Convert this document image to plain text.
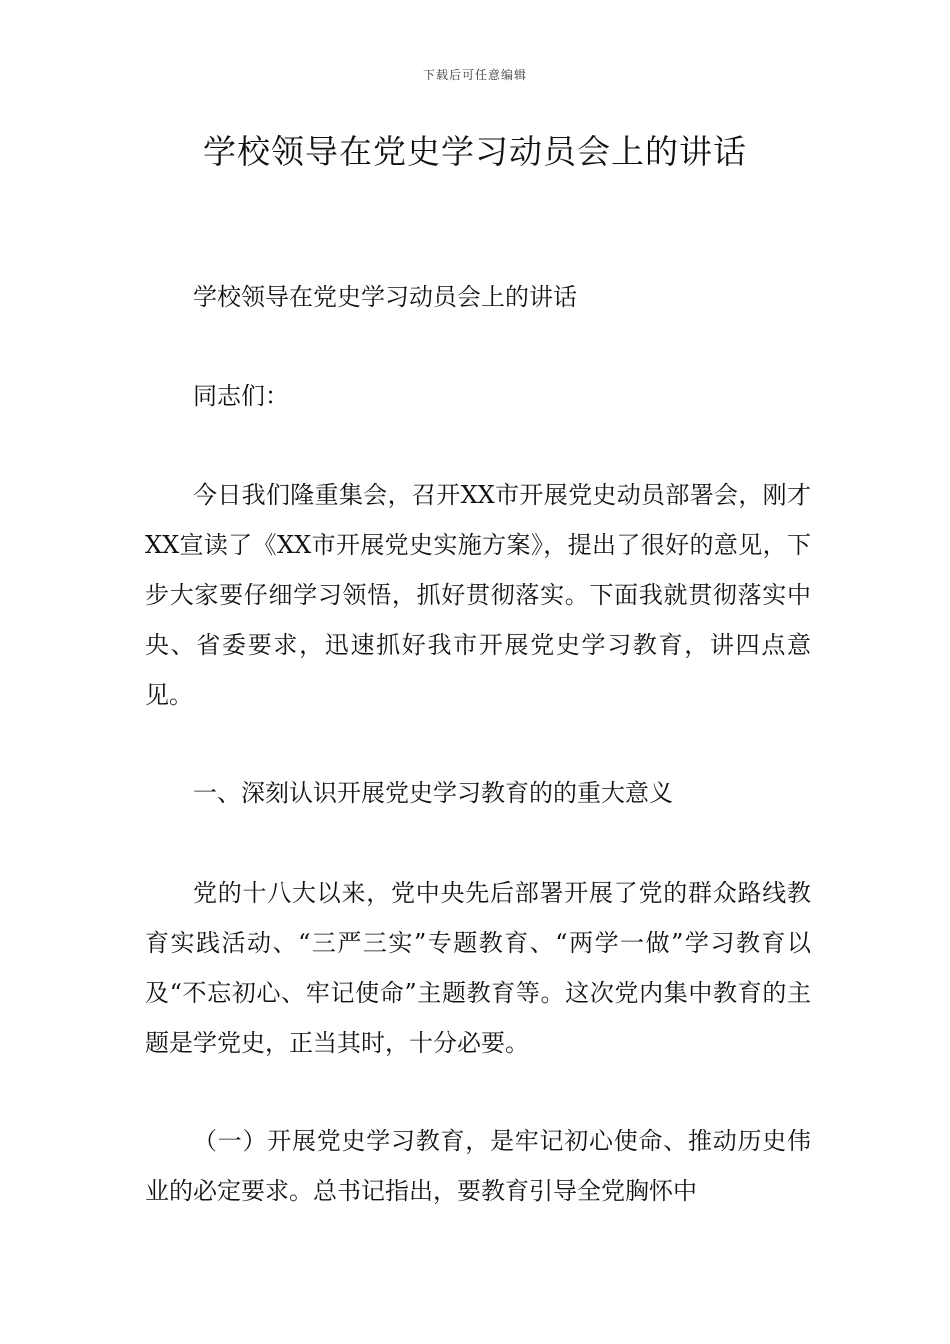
下载后可任意编辑
学校领导在党史学习动员会上的讲话

学校领导在党史学习动员会上的讲话

同志们：

今日我们隆重集会，召开XX市开展党史动员部署会，刚才XX宣读了《XX市开展党史实施方案》，提出了很好的意见，下步大家要仔细学习领悟，抓好贯彻落实。下面我就贯彻落实中央、省委要求，迅速抓好我市开展党史学习教育，讲四点意见。

一、深刻认识开展党史学习教育的的重大意义

党的十八大以来，党中央先后部署开展了党的群众路线教育实践活动、“三严三实”专题教育、“两学一做”学习教育以及“不忘初心、牢记使命”主题教育等。这次党内集中教育的主题是学党史，正当其时，十分必要。

（一）开展党史学习教育，是牢记初心使命、推动历史伟业的必定要求。总书记指出，要教育引导全党胸怀中
